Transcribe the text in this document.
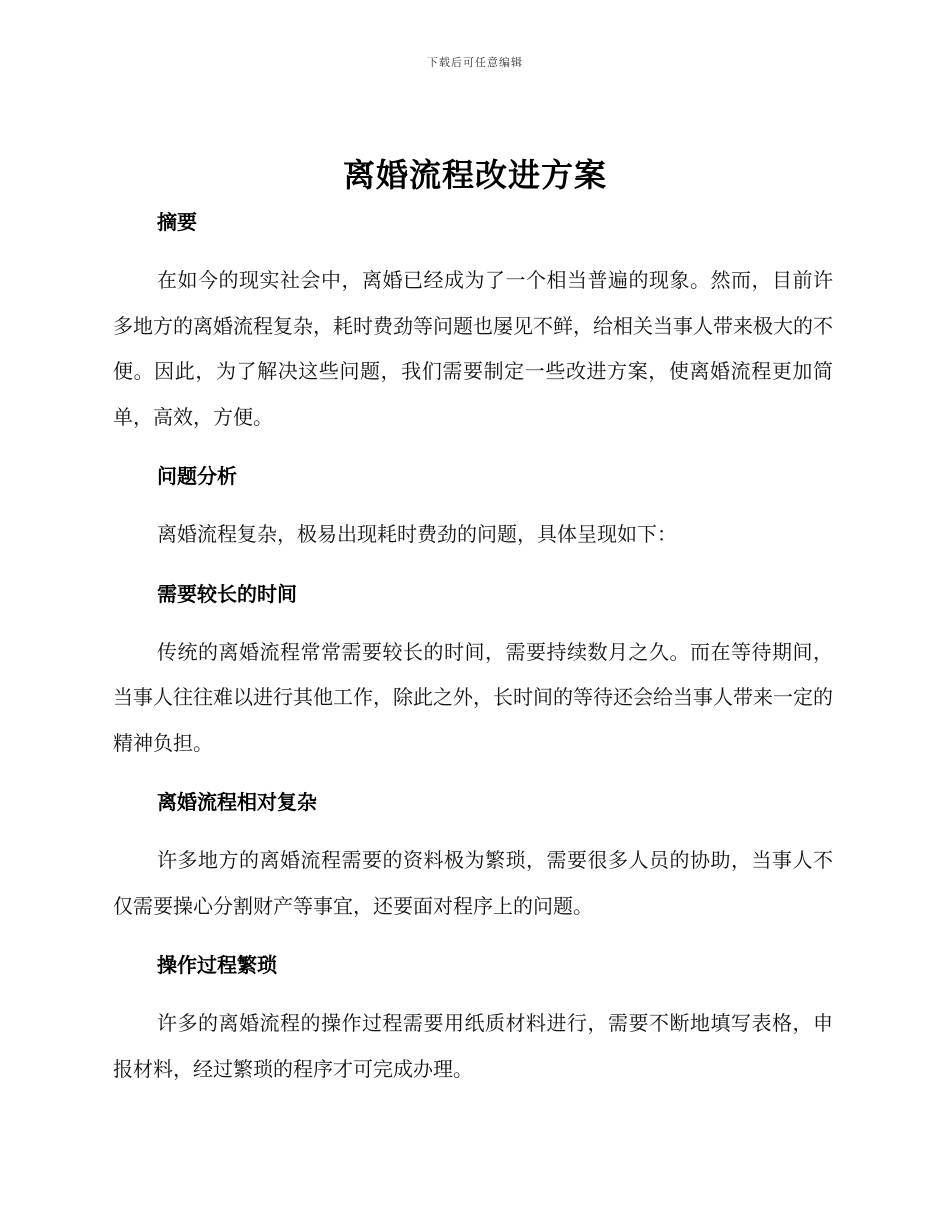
下载后可任意编辑
离婚流程改进方案
摘要

在如今的现实社会中，离婚已经成为了一个相当普遍的现象。然而，目前许多地方的离婚流程复杂，耗时费劲等问题也屡见不鲜，给相关当事人带来极大的不便。因此，为了解决这些问题，我们需要制定一些改进方案，使离婚流程更加简单，高效，方便。

问题分析

离婚流程复杂，极易出现耗时费劲的问题，具体呈现如下：

需要较长的时间

传统的离婚流程常常需要较长的时间，需要持续数月之久。而在等待期间，当事人往往难以进行其他工作，除此之外，长时间的等待还会给当事人带来一定的精神负担。

离婚流程相对复杂

许多地方的离婚流程需要的资料极为繁琐，需要很多人员的协助，当事人不仅需要操心分割财产等事宜，还要面对程序上的问题。

操作过程繁琐

许多的离婚流程的操作过程需要用纸质材料进行，需要不断地填写表格，申报材料，经过繁琐的程序才可完成办理。
